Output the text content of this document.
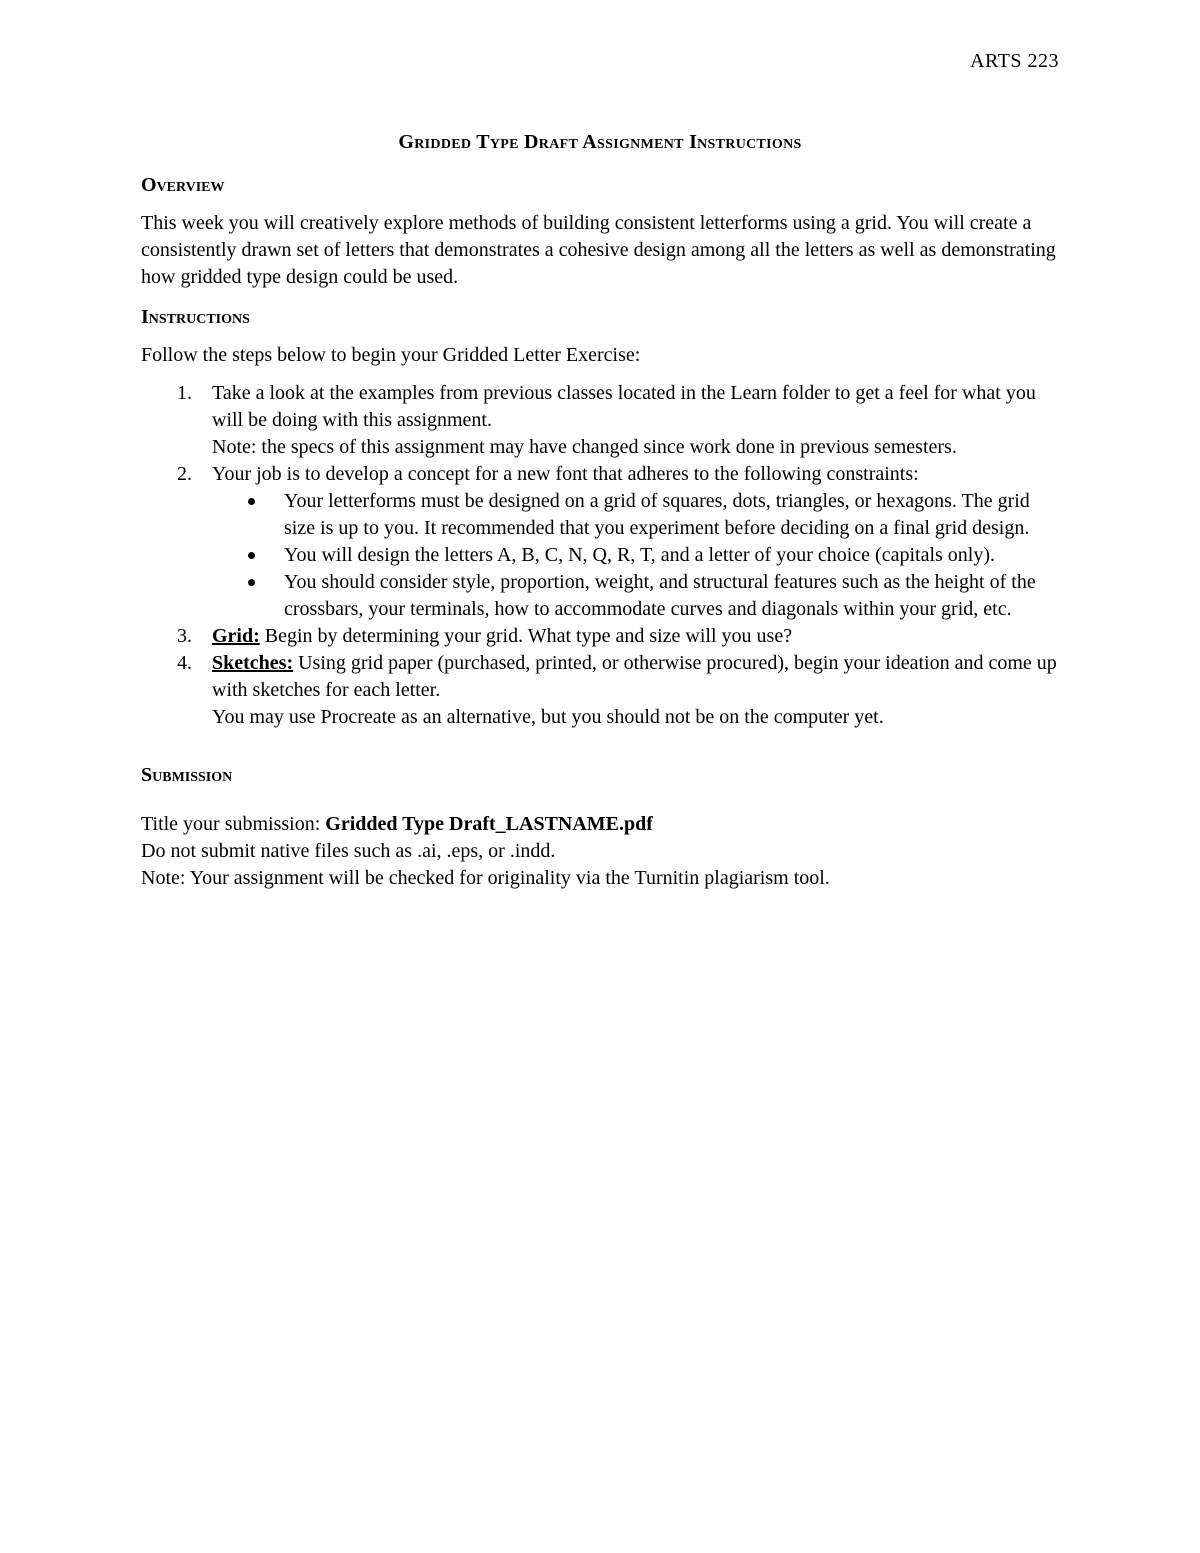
ARTS 223
Gridded Type Draft Assignment Instructions
Overview

This week you will creatively explore methods of building consistent letterforms using a grid. You will create a consistently drawn set of letters that demonstrates a cohesive design among all the letters as well as demonstrating how gridded type design could be used.

Instructions

Follow the steps below to begin your Gridded Letter Exercise:

1. Take a look at the examples from previous classes located in the Learn folder to get a feel for what you will be doing with this assignment.
Note: the specs of this assignment may have changed since work done in previous semesters.
2. Your job is to develop a concept for a new font that adheres to the following constraints:
Your letterforms must be designed on a grid of squares, dots, triangles, or hexagons. The grid size is up to you. It recommended that you experiment before deciding on a final grid design.
You will design the letters A, B, C, N, Q, R, T, and a letter of your choice (capitals only).
You should consider style, proportion, weight, and structural features such as the height of the crossbars, your terminals, how to accommodate curves and diagonals within your grid, etc.
3. Grid: Begin by determining your grid. What type and size will you use?
4. Sketches: Using grid paper (purchased, printed, or otherwise procured), begin your ideation and come up with sketches for each letter.
You may use Procreate as an alternative, but you should not be on the computer yet.
Submission
Title your submission: Gridded Type Draft_LASTNAME.pdf
Do not submit native files such as .ai, .eps, or .indd.
Note: Your assignment will be checked for originality via the Turnitin plagiarism tool.
